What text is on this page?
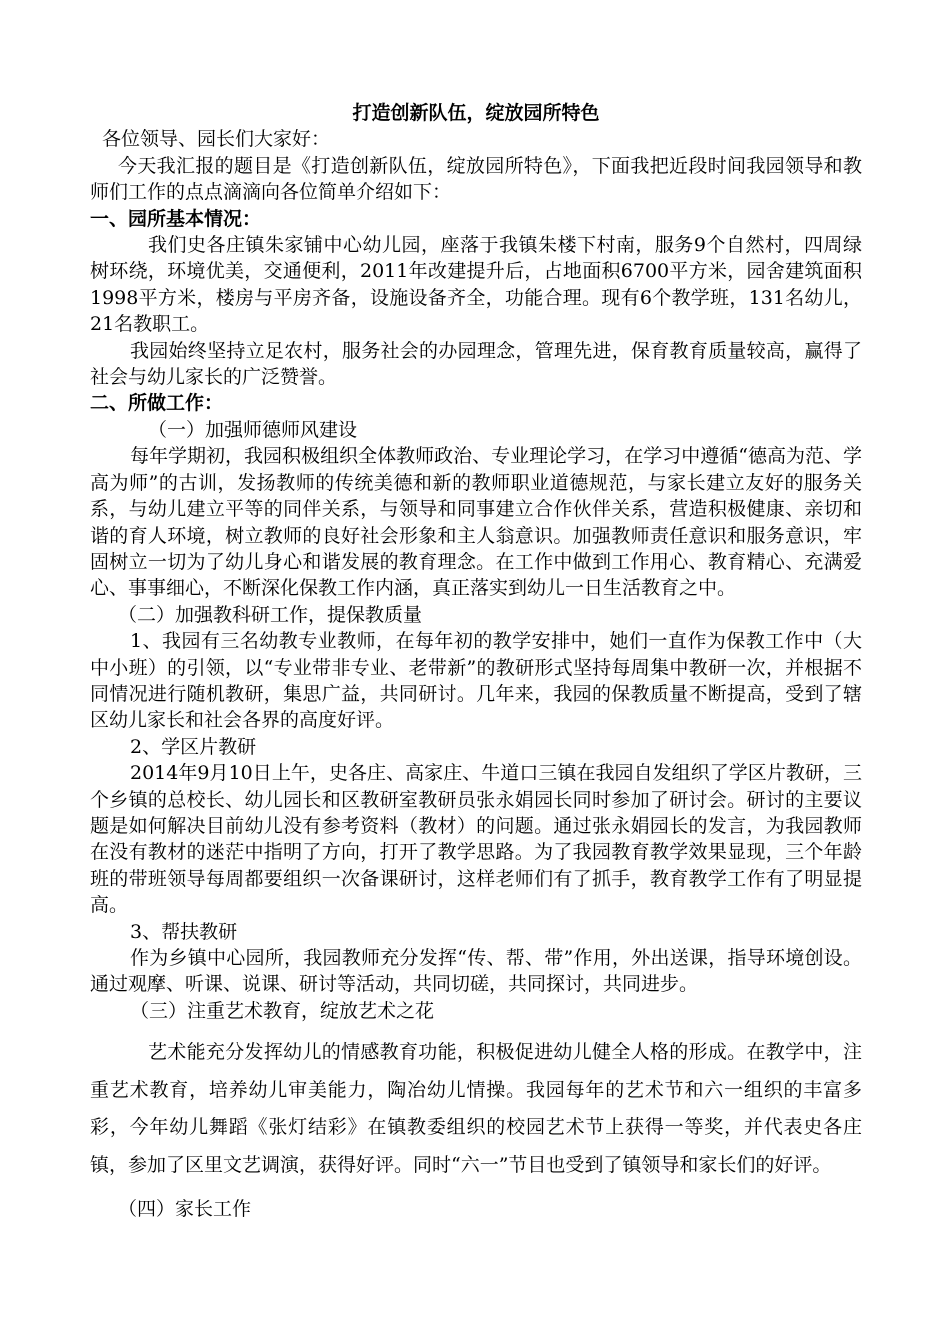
打造创新队伍，绽放园所特色

各位领导、园长们大家好：

今天我汇报的题目是《打造创新队伍，绽放园所特色》，下面我把近段时间我园领导和教师们工作的点点滴滴向各位简单介绍如下：

一、园所基本情况：

我们史各庄镇朱家铺中心幼儿园，座落于我镇朱楼下村南，服务9个自然村，四周绿树环绕，环境优美，交通便利，2011年改建提升后，占地面积6700平方米，园舍建筑面积1998平方米，楼房与平房齐备，设施设备齐全，功能合理。现有6个教学班，131名幼儿，21名教职工。

我园始终坚持立足农村，服务社会的办园理念，管理先进，保育教育质量较高，赢得了社会与幼儿家长的广泛赞誉。

二、所做工作：

（一）加强师德师风建设

每年学期初，我园积极组织全体教师政治、专业理论学习，在学习中遵循“德高为范、学高为师”的古训，发扬教师的传统美德和新的教师职业道德规范，与家长建立友好的服务关系，与幼儿建立平等的同伴关系，与领导和同事建立合作伙伴关系，营造积极健康、亲切和谐的育人环境，树立教师的良好社会形象和主人翁意识。加强教师责任意识和服务意识，牢固树立一切为了幼儿身心和谐发展的教育理念。在工作中做到工作用心、教育精心、充满爱心、事事细心，不断深化保教工作内涵，真正落实到幼儿一日生活教育之中。

（二）加强教科研工作，提保教质量

1、我园有三名幼教专业教师，在每年初的教学安排中，她们一直作为保教工作中（大中小班）的引领，以“专业带非专业、老带新”的教研形式坚持每周集中教研一次，并根据不同情况进行随机教研，集思广益，共同研讨。几年来，我园的保教质量不断提高，受到了辖区幼儿家长和社会各界的高度好评。

2、学区片教研

2014年9月10日上午，史各庄、高家庄、牛道口三镇在我园自发组织了学区片教研，三个乡镇的总校长、幼儿园长和区教研室教研员张永娟园长同时参加了研讨会。研讨的主要议题是如何解决目前幼儿没有参考资料（教材）的问题。通过张永娟园长的发言，为我园教师在没有教材的迷茫中指明了方向，打开了教学思路。为了我园教育教学效果显现，三个年龄班的带班领导每周都要组织一次备课研讨，这样老师们有了抓手，教育教学工作有了明显提高。

3、帮扶教研

作为乡镇中心园所，我园教师充分发挥“传、帮、带”作用，外出送课，指导环境创设。通过观摩、听课、说课、研讨等活动，共同切磋，共同探讨，共同进步。

（三）注重艺术教育，绽放艺术之花

艺术能充分发挥幼儿的情感教育功能，积极促进幼儿健全人格的形成。在教学中，注重艺术教育，培养幼儿审美能力，陶冶幼儿情操。我园每年的艺术节和六一组织的丰富多彩，今年幼儿舞蹈《张灯结彩》在镇教委组织的校园艺术节上获得一等奖，并代表史各庄镇，参加了区里文艺调演，获得好评。同时“六一”节目也受到了镇领导和家长们的好评。

（四）家长工作
